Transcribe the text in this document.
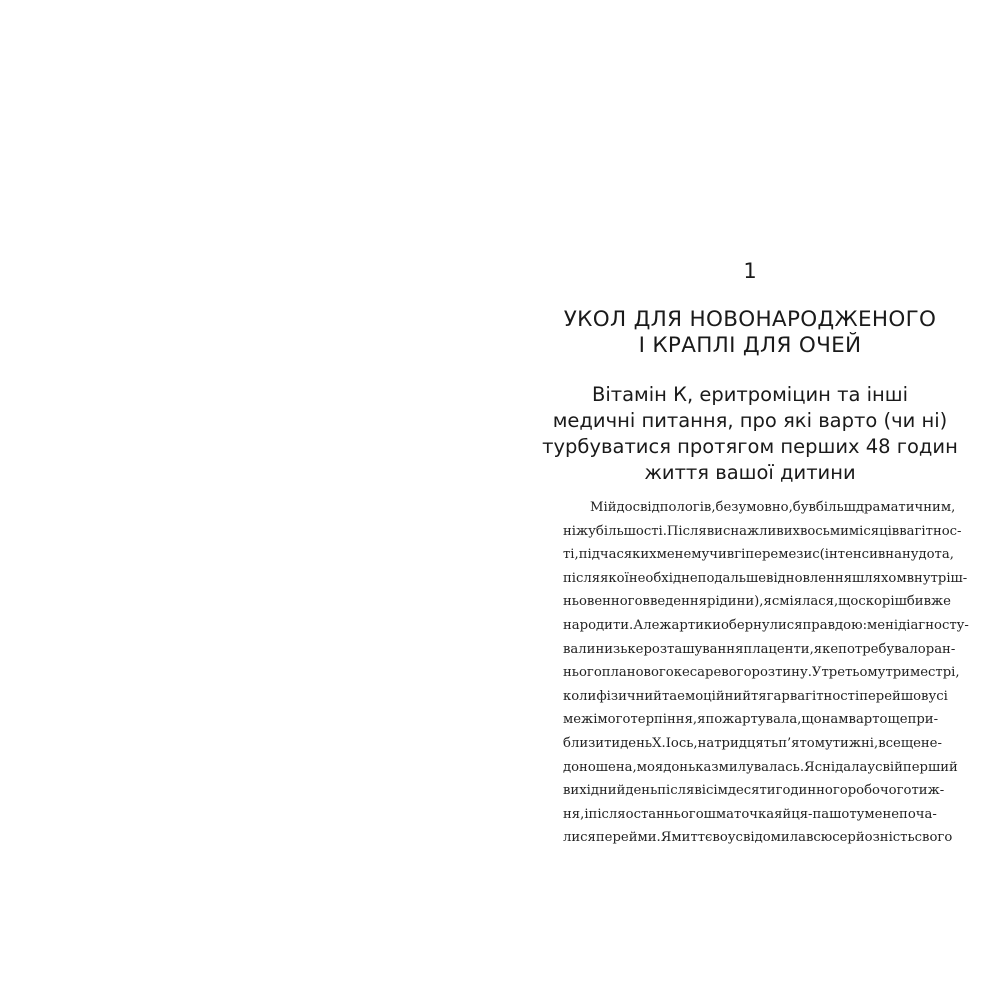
1
УКОЛ ДЛЯ НОВОНАРОДЖЕНОГО
І КРАПЛІ ДЛЯ ОЧЕЙ
Вітамін К, еритроміцин та інші
медичні питання, про які варто (чи ні)
турбуватися протягом перших 48 годин
життя вашої дитини
Мій досвід пологів, безумовно, був більш драматичним,
ніж у більшості. Після виснажливих восьми місяців вагітнос-
ті, під час яких мене мучив гіперемезис (інтенсивна нудота,
після якої необхідне подальше відновлення шляхом внутріш-
ньовенного введення рідини), я сміялася, що скоріш би вже
народити. Але жартики обернулися правдою: мені діагносту-
вали низьке розташування плаценти, яке потребувало ран-
нього планового кесаревого розтину. У третьому триместрі,
коли фізичний та емоційний тягар вагітності перейшов усі
межі мого терпіння, я пожартувала, що нам варто ще при-
близити день Х. І ось, на тридцять п’ятому тижні, все ще не-
доношена, моя донька змилувалась. Я снідала у свій перший
вихідний день після вісімдесятигодинного робочого тиж-
ня, і після останнього шматочка яйця-пашот у мене поча-
лися перейми. Я миттєво усвідомила всю серйозність свого
